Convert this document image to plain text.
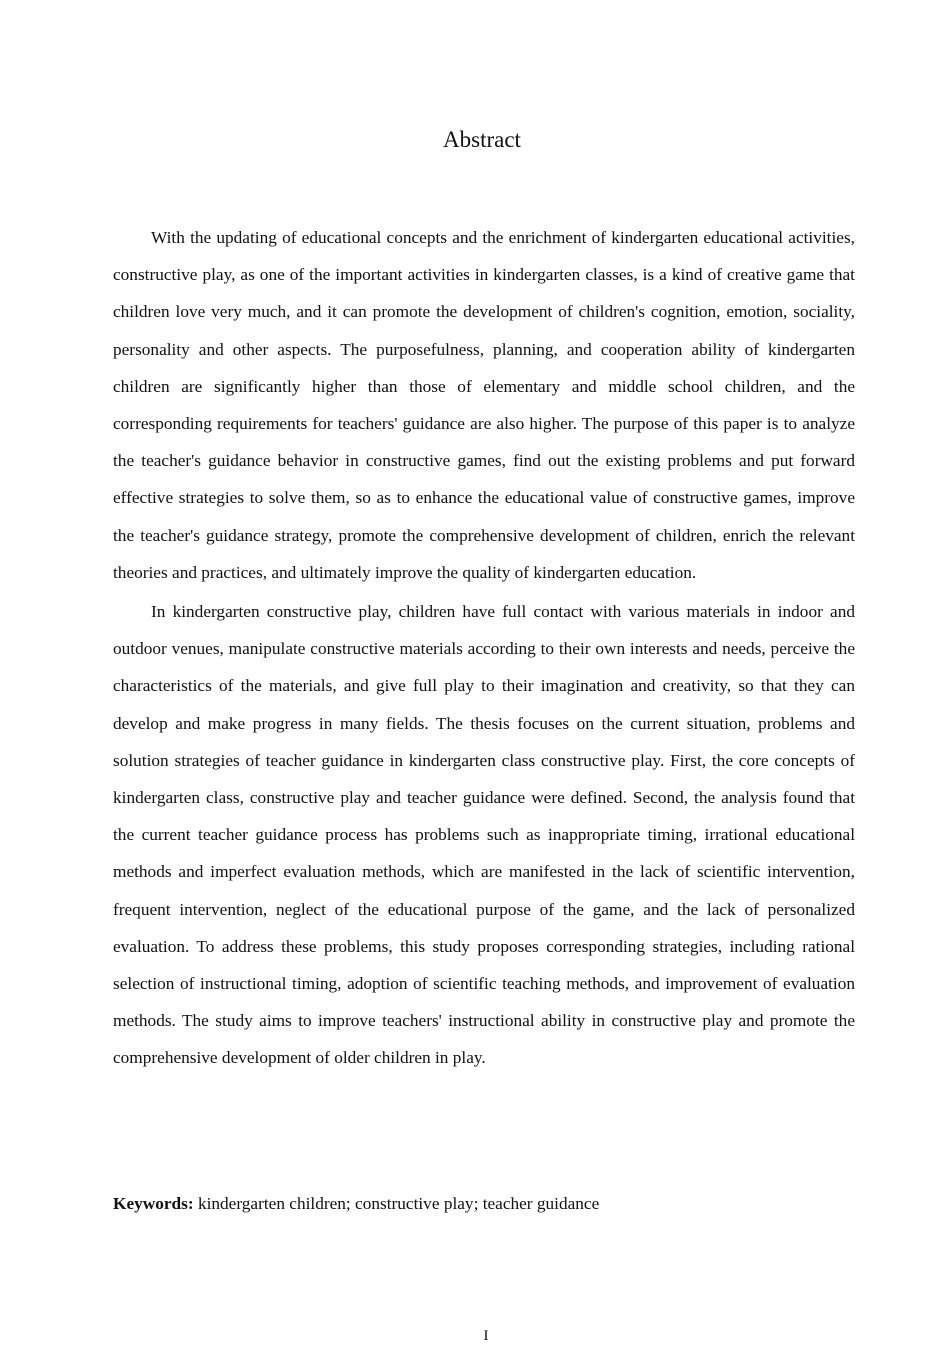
Abstract

With the updating of educational concepts and the enrichment of kindergarten educational activities, constructive play, as one of the important activities in kindergarten classes, is a kind of creative game that children love very much, and it can promote the development of children's cognition, emotion, sociality, personality and other aspects. The purposefulness, planning, and cooperation ability of kindergarten children are significantly higher than those of elementary and middle school children, and the corresponding requirements for teachers' guidance are also higher. The purpose of this paper is to analyze the teacher's guidance behavior in constructive games, find out the existing problems and put forward effective strategies to solve them, so as to enhance the educational value of constructive games, improve the teacher's guidance strategy, promote the comprehensive development of children, enrich the relevant theories and practices, and ultimately improve the quality of kindergarten education.

In kindergarten constructive play, children have full contact with various materials in indoor and outdoor venues, manipulate constructive materials according to their own interests and needs, perceive the characteristics of the materials, and give full play to their imagination and creativity, so that they can develop and make progress in many fields. The thesis focuses on the current situation, problems and solution strategies of teacher guidance in kindergarten class constructive play. First, the core concepts of kindergarten class, constructive play and teacher guidance were defined. Second, the analysis found that the current teacher guidance process has problems such as inappropriate timing, irrational educational methods and imperfect evaluation methods, which are manifested in the lack of scientific intervention, frequent intervention, neglect of the educational purpose of the game, and the lack of personalized evaluation. To address these problems, this study proposes corresponding strategies, including rational selection of instructional timing, adoption of scientific teaching methods, and improvement of evaluation methods. The study aims to improve teachers' instructional ability in constructive play and promote the comprehensive development of older children in play.

Keywords: kindergarten children; constructive play; teacher guidance

I
